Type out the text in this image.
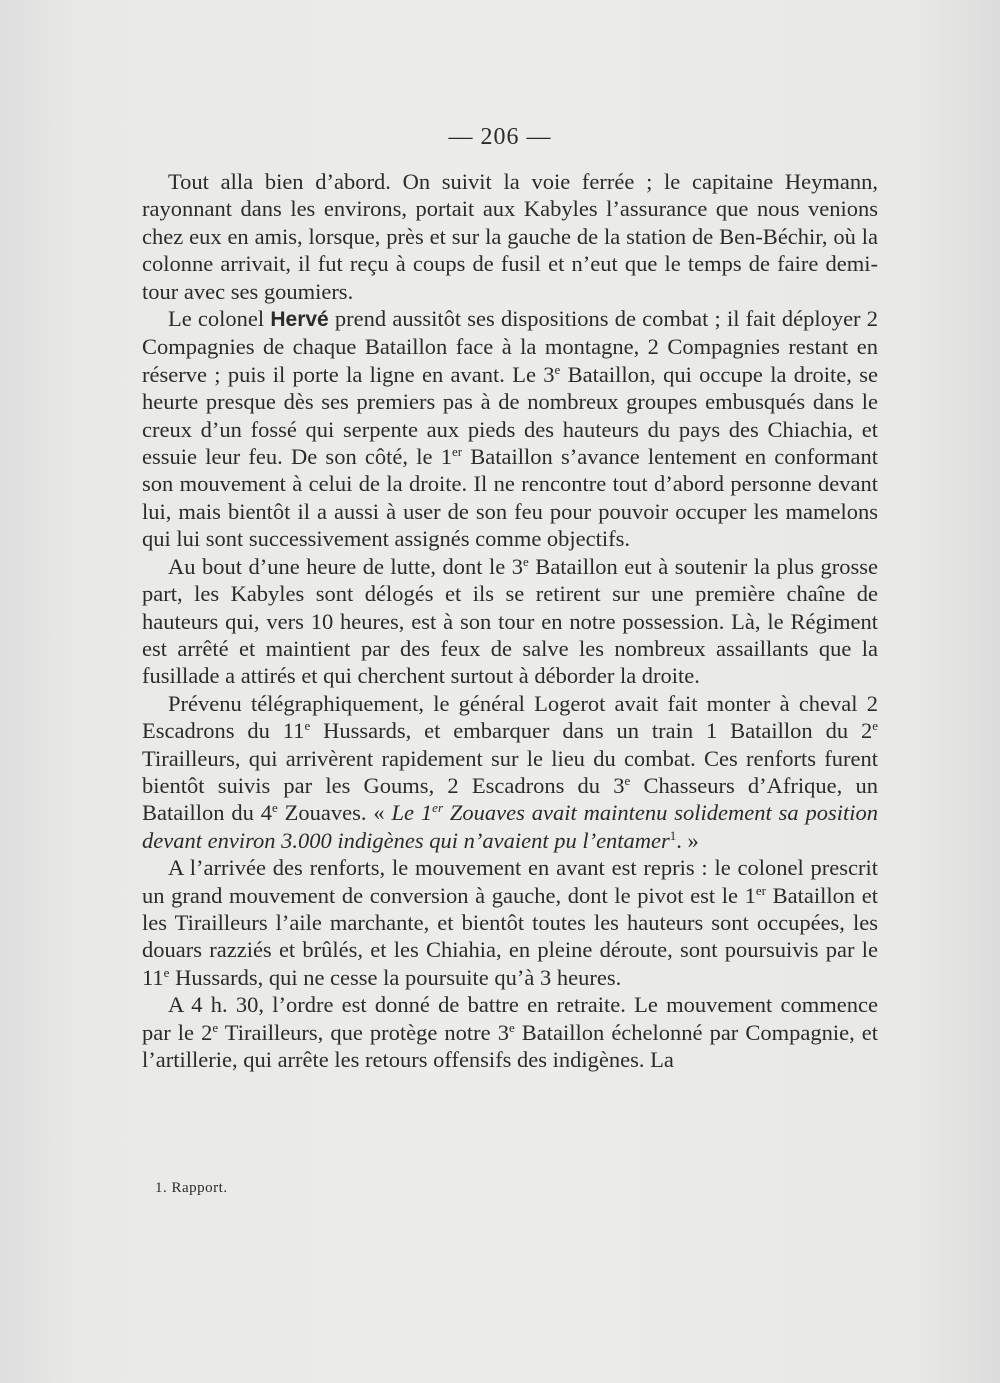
— 206 —

Tout alla bien d’abord. On suivit la voie ferrée ; le capitaine Heymann, rayonnant dans les environs, portait aux Kabyles l’assurance que nous venions chez eux en amis, lorsque, près et sur la gauche de la station de Ben-Béchir, où la colonne arrivait, il fut reçu à coups de fusil et n’eut que le temps de faire demi-tour avec ses goumiers.

Le colonel Hervé prend aussitôt ses dispositions de combat ; il fait déployer 2 Compagnies de chaque Bataillon face à la montagne, 2 Compagnies restant en réserve ; puis il porte la ligne en avant. Le 3e Bataillon, qui occupe la droite, se heurte presque dès ses premiers pas à de nombreux groupes embusqués dans le creux d’un fossé qui serpente aux pieds des hauteurs du pays des Chiachia, et essuie leur feu. De son côté, le 1er Bataillon s’avance lentement en conformant son mouvement à celui de la droite. Il ne rencontre tout d’abord personne devant lui, mais bientôt il a aussi à user de son feu pour pouvoir occuper les mamelons qui lui sont successivement assignés comme objectifs.

Au bout d’une heure de lutte, dont le 3e Bataillon eut à soutenir la plus grosse part, les Kabyles sont délogés et ils se retirent sur une première chaîne de hauteurs qui, vers 10 heures, est à son tour en notre possession. Là, le Régiment est arrêté et maintient par des feux de salve les nombreux assaillants que la fusillade a attirés et qui cherchent surtout à déborder la droite.

Prévenu télégraphiquement, le général Logerot avait fait monter à cheval 2 Escadrons du 11e Hussards, et embarquer dans un train 1 Bataillon du 2e Tirailleurs, qui arrivèrent rapidement sur le lieu du combat. Ces renforts furent bientôt suivis par les Goums, 2 Escadrons du 3e Chasseurs d’Afrique, un Bataillon du 4e Zouaves. « Le 1er Zouaves avait maintenu solidement sa position devant environ 3.000 indigènes qui n’avaient pu l’entamer$^1$. »

A l’arrivée des renforts, le mouvement en avant est repris : le colonel prescrit un grand mouvement de conversion à gauche, dont le pivot est le 1er Bataillon et les Tirailleurs l’aile marchante, et bientôt toutes les hauteurs sont occupées, les douars razziés et brûlés, et les Chiahia, en pleine déroute, sont poursuivis par le 11e Hussards, qui ne cesse la poursuite qu’à 3 heures.

A 4 h. 30, l’ordre est donné de battre en retraite. Le mouvement commence par le 2e Tirailleurs, que protège notre 3e Bataillon échelonné par Compagnie, et l’artillerie, qui arrête les retours offensifs des indigènes. La

1. Rapport.
